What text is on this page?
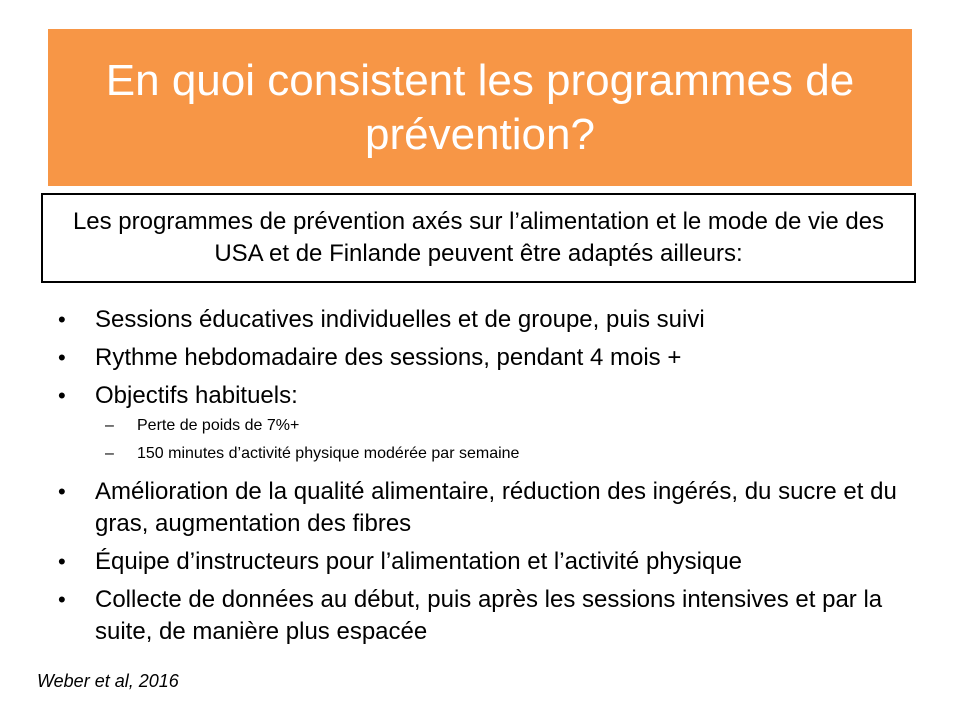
En quoi consistent les programmes de prévention?
Les programmes de prévention axés sur l’alimentation et le mode de vie des USA et de Finlande peuvent être adaptés ailleurs:
• Sessions éducatives individuelles et de groupe, puis suivi
• Rythme hebdomadaire des sessions, pendant 4 mois +
• Objectifs habituels:
– Perte de poids de 7%+
– 150 minutes d’activité physique modérée par semaine
• Amélioration de la qualité alimentaire, réduction des ingérés, du sucre et du gras, augmentation des fibres
• Équipe d’instructeurs pour l’alimentation et l’activité physique
• Collecte de données au début, puis après les sessions intensives et par la suite, de manière plus espacée
Weber et al, 2016
